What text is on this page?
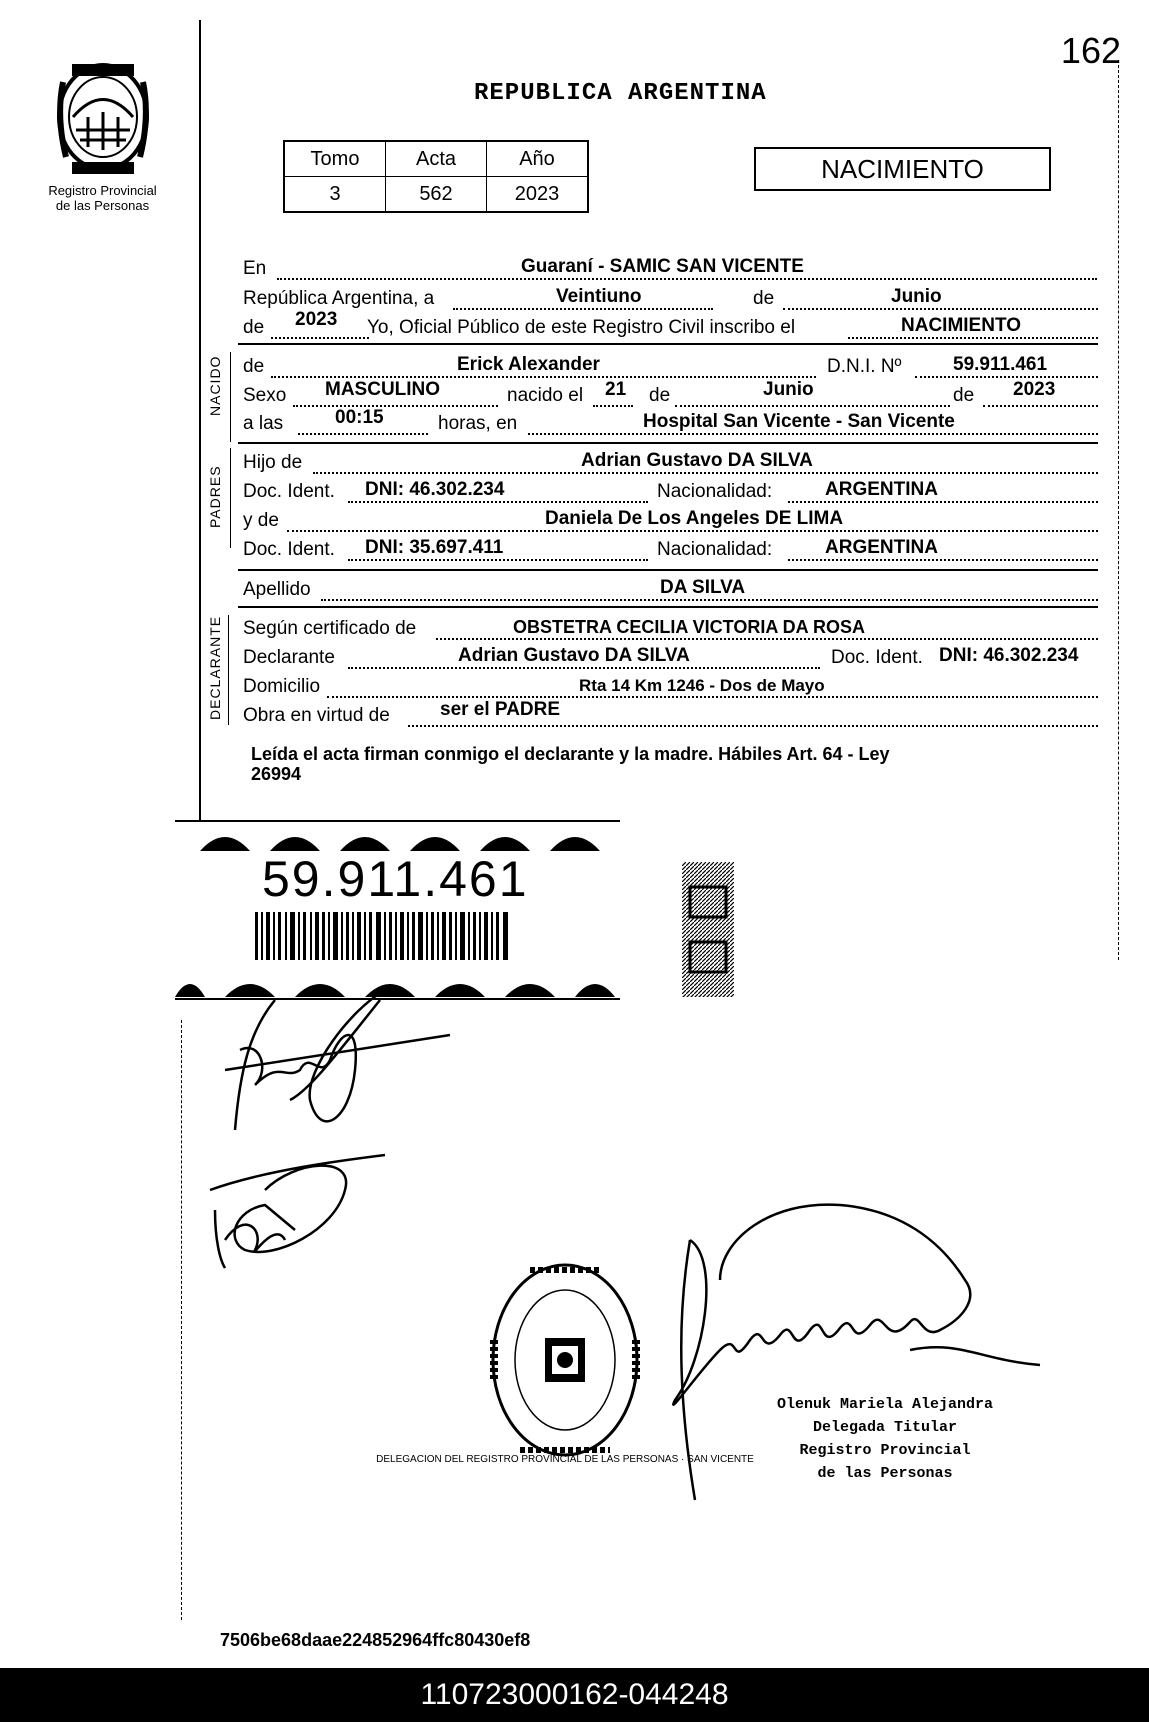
162
Registro Provincial
de las Personas
REPUBLICA ARGENTINA
Tomo	Acta	Año
3	562	2023
NACIMIENTO
En	Guaraní - SAMIC SAN VICENTE
República Argentina, a	Veintiuno	de	Junio
de 2023 Yo, Oficial Público de este Registro Civil inscribo el	NACIMIENTO
NACIDO de	Erick Alexander	D.N.I. Nº	59.911.461
Sexo MASCULINO	nacido el 21 de	Junio	de 2023
a las	00:15	horas, en	Hospital San Vicente - San Vicente
PADRES
Hijo de	Adrian Gustavo DA SILVA
Doc. Ident. DNI: 46.302.234	Nacionalidad:	ARGENTINA
y de	Daniela De Los Angeles DE LIMA
Doc. Ident. DNI: 35.697.411	Nacionalidad:	ARGENTINA
Apellido	DA SILVA
DECLARANTE Según certificado de	OBSTETRA CECILIA VICTORIA DA ROSA
Declarante	Adrian Gustavo DA SILVA	Doc. Ident. DNI: 46.302.234
Domicilio	Rta 14 Km 1246 - Dos de Mayo
Obra en virtud de	ser el PADRE
Leída el acta firman conmigo el declarante y la madre. Hábiles Art. 64 - Ley
26994
59.911.461
DELEGACION DEL REGISTRO PROVINCIAL DE LAS PERSONAS · SAN VICENTE
Olenuk Mariela Alejandra
Delegada Titular
Registro Provincial
de las Personas
7506be68daae224852964ffc80430ef8
110723000162-044248
